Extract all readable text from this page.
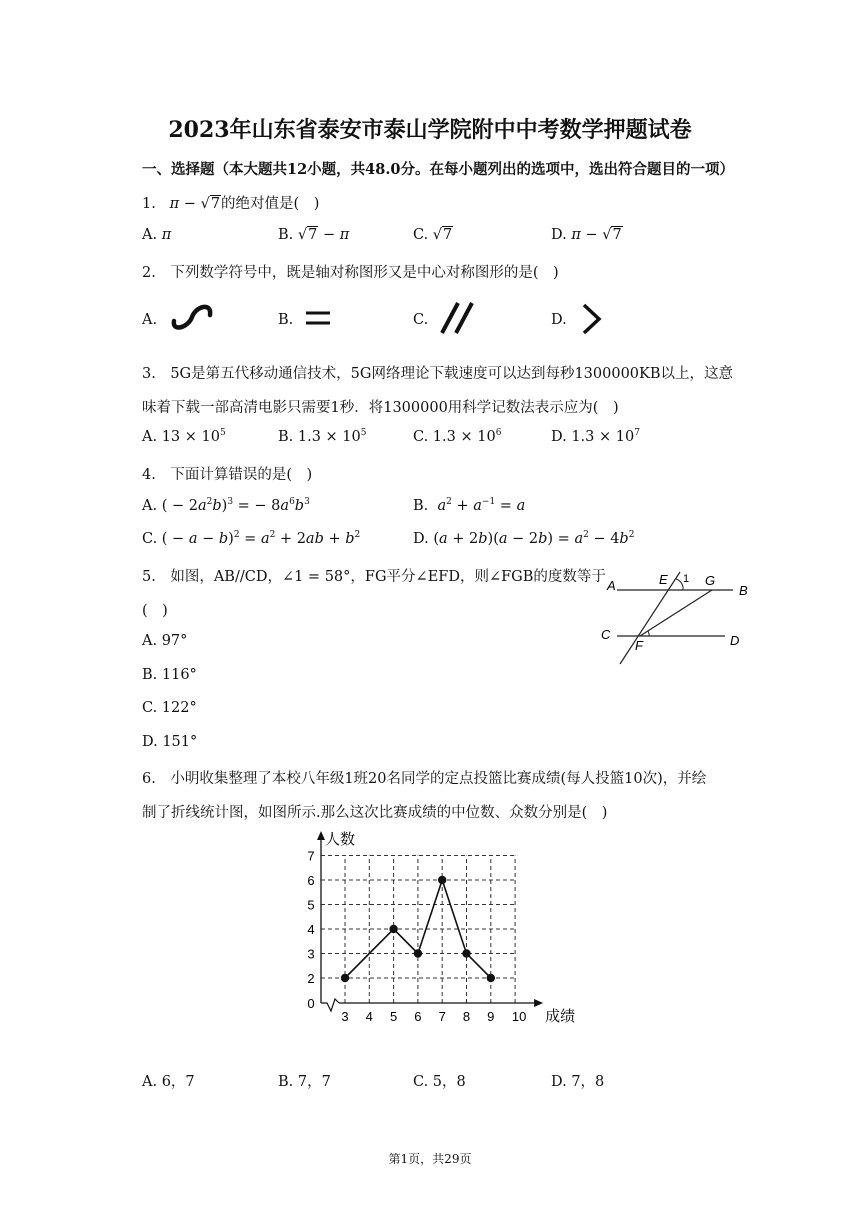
2023年山东省泰安市泰山学院附中中考数学押题试卷
一、选择题（本大题共12小题，共48.0分。在每小题列出的选项中，选出符合题目的一项）
1. π − √7的绝对值是(　)
A. π	B. √7 − π	C. √7	D. π − √7
2.　下列数学符号中，既是轴对称图形又是中心对称图形的是(　)
A.	B.	C.	D.
3.　5G是第五代移动通信技术，5G网络理论下载速度可以达到每秒1300000KB以上，这意
味着下载一部高清电影只需要1秒．将1300000用科学记数法表示应为(　)
A. $13 \times 10^5$	B. $1.3 \times 10^5$	C. $1.3 \times 10^6$	D. $1.3 \times 10^7$
4.　下面计算错误的是(　)
A. ( − $2a^2b)^3$ = − $8a^6b^3$	B.  $a^2 + a^{-1} = a$
C. ( − $a - b)^2 = a^2 + 2ab + b^2$	D. $(a + 2b)(a - 2b) = a^2 - 4b^2$
5.　如图，AB//CD，∠1 = 58°，FG平分∠EFD，则∠FGB的度数等于
(　)
A. 97°
B. 116°
C. 122°
D. 151°
A	E 1 G
B
C
F	D
6.　小明收集整理了本校八年级1班20名同学的定点投篮比赛成绩(每人投篮10次)，并绘
制了折线统计图，如图所示.那么这次比赛成绩的中位数、众数分别是(　)
0
2
3
4
5
6
7
3 4 5 6 7 8 9 10
人数
成绩
A. 6，7	B. 7，7	C. 5，8	D. 7，8
第1页，共29页
